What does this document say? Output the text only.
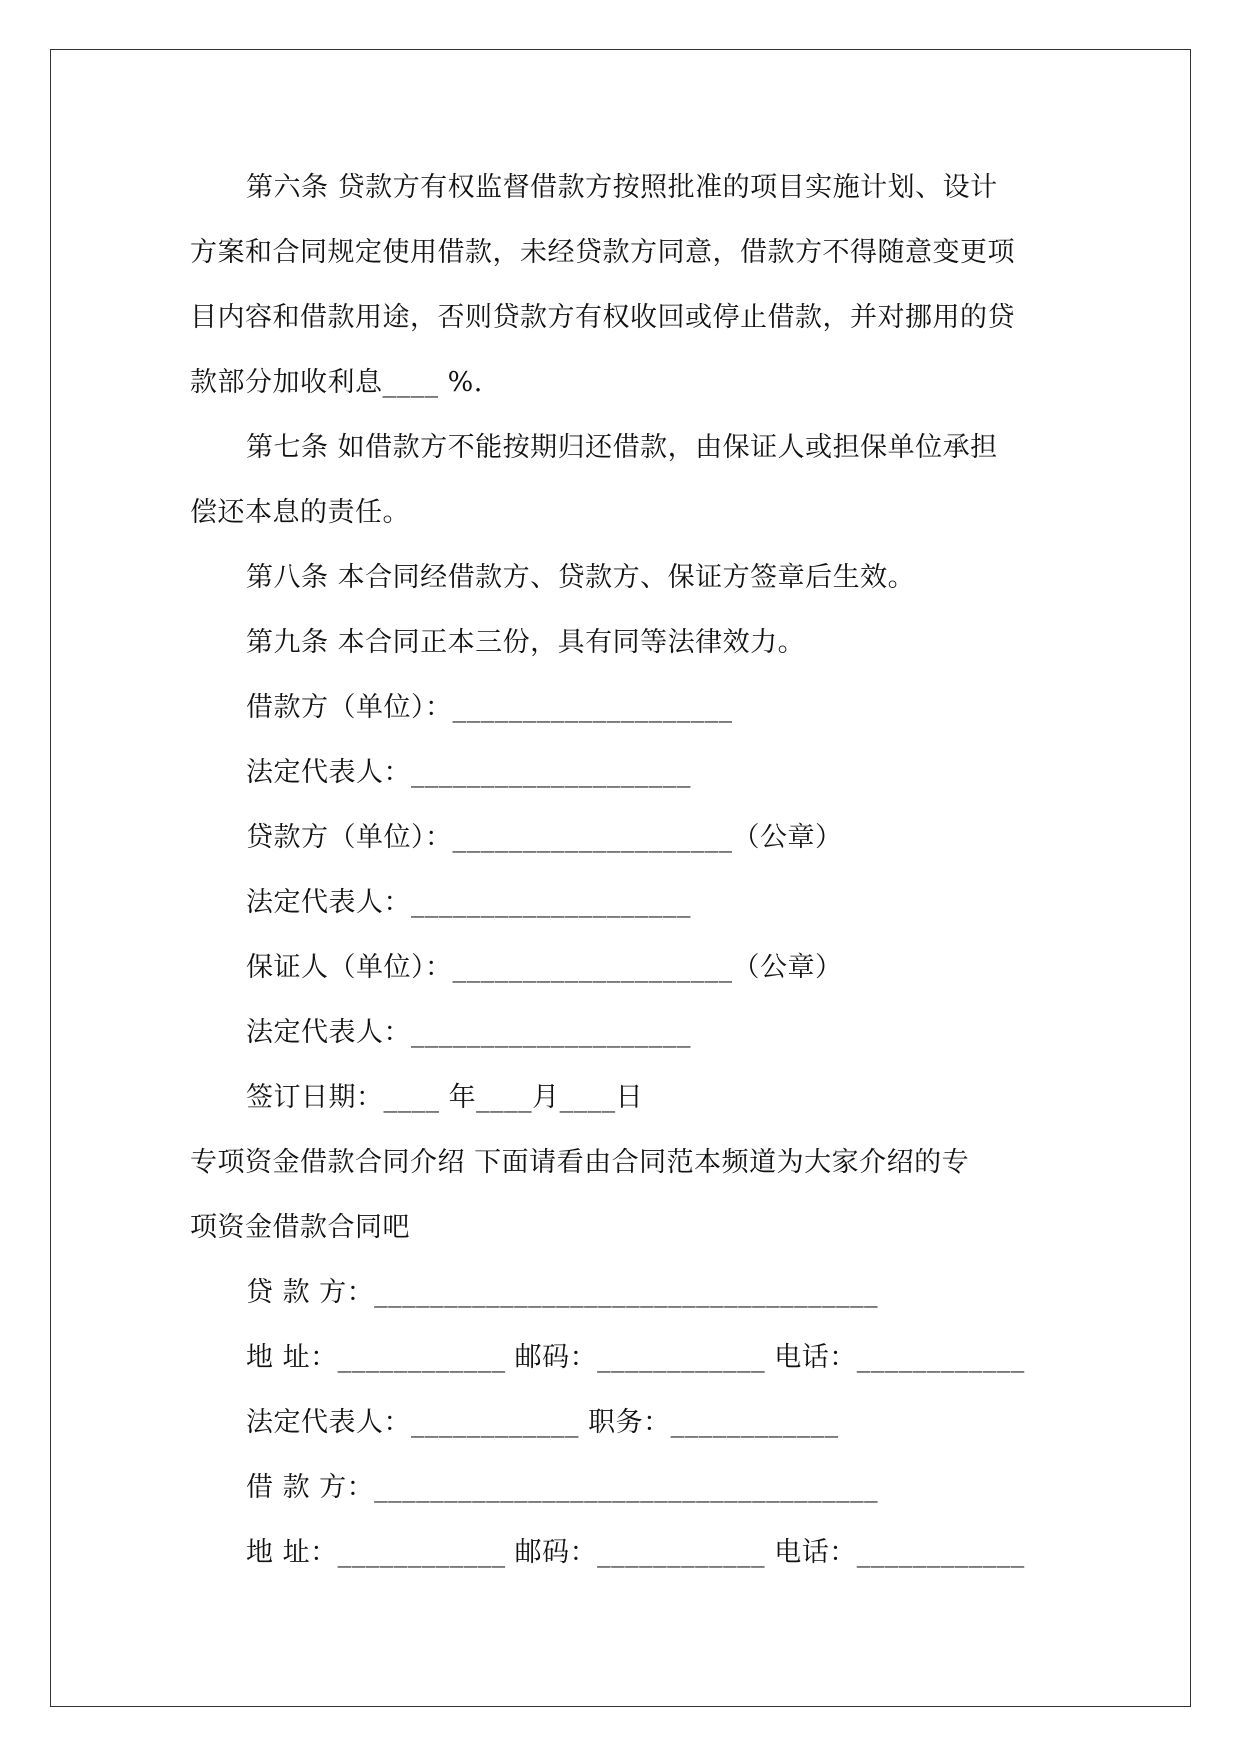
第六条 贷款方有权监督借款方按照批准的项目实施计划、设计
方案和合同规定使用借款，未经贷款方同意，借款方不得随意变更项
目内容和借款用途，否则贷款方有权收回或停止借款，并对挪用的贷
款部分加收利息____ %.
第七条 如借款方不能按期归还借款，由保证人或担保单位承担
偿还本息的责任。
第八条 本合同经借款方、贷款方、保证方签章后生效。
第九条 本合同正本三份，具有同等法律效力。
借款方（单位）：____________________
法定代表人：____________________
贷款方（单位）：____________________（公章）
法定代表人：____________________
保证人（单位）：____________________（公章）
法定代表人：____________________
签订日期：____ 年____月____日
专项资金借款合同介绍 下面请看由合同范本频道为大家介绍的专
项资金借款合同吧
贷 款 方：____________________________________
地 址：____________ 邮码：____________ 电话：____________
法定代表人：____________ 职务：____________
借 款 方：____________________________________
地 址：____________ 邮码：____________ 电话：____________
